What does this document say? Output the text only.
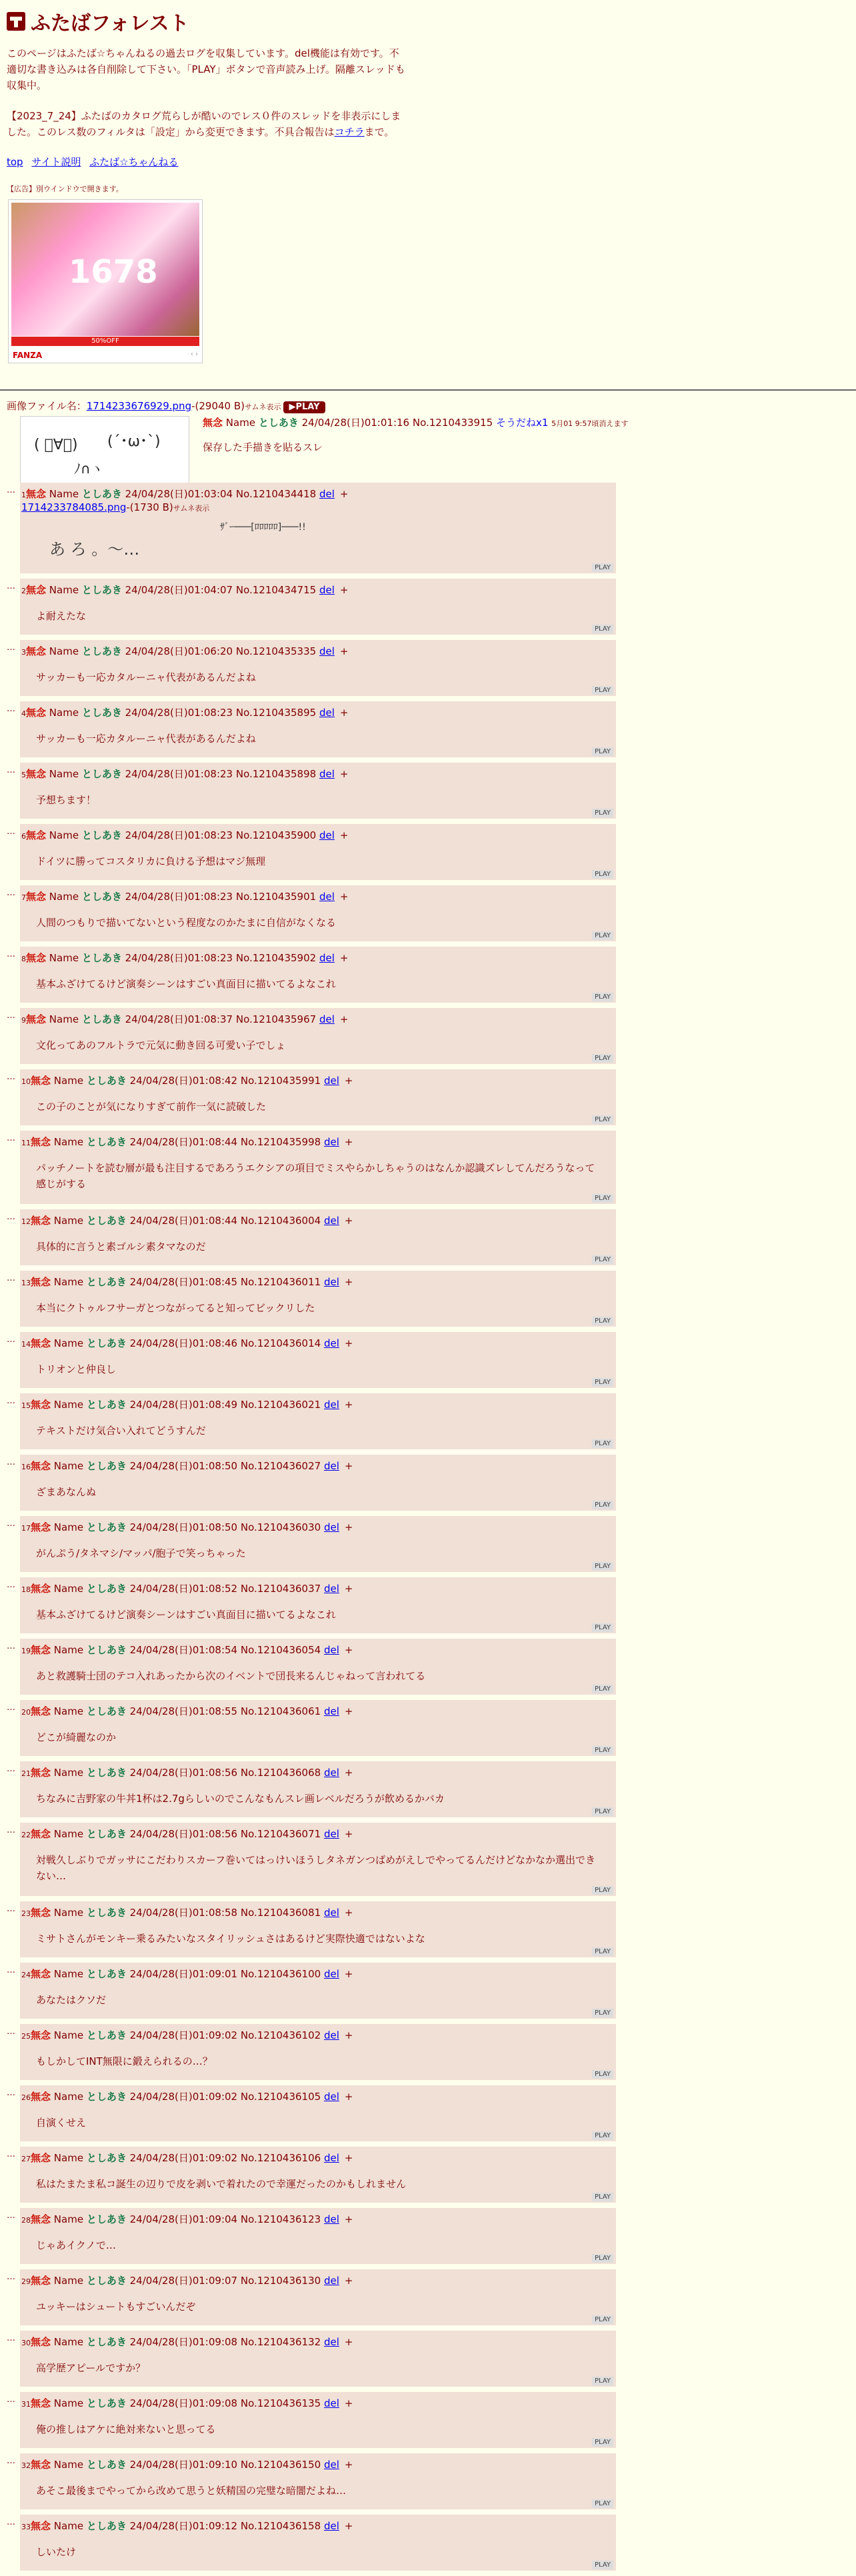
ふたばフォレスト

このページはふたば☆ちゃんねるの過去ログを収集しています。del機能は有効です。不適切な書き込みは各自削除して下さい。「PLAY」ボタンで音声読み上げ。隔離スレッドも収集中。

【2023_7_24】ふたばのカタログ荒らしが酷いのでレス０件のスレッドを非表示にしました。このレス数のフィルタは「設定」から変更できます。不具合報告はコチラまで。

top サイト説明 ふたば☆ちゃんねる
【広告】別ウインドウで開きます。
1678
50%OFF
FANZA	‹ ›
画像ファイル名：1714233676929.png-(29040 B)サムネ表示 ▶PLAY
( ﾟ∀ﾟ) (´･ω･`)
ﾉ∩ヽ
無念 Name としあき 24/04/28(日)01:01:16 No.1210433915 そうだねx1 5月01 9:57頃消えます
保存した手描きを貼るスレ
… 1無念 Name としあき 24/04/28(日)01:03:04 No.1210434418 del +
1714233784085.png-(1730 B)サムネ表示
あ ろ 。〜…
ｻﾞｰ───[ﾛﾛﾛﾛﾛ]───!!
PLAY
… 2無念 Name としあき 24/04/28(日)01:04:07 No.1210434715 del +
よ耐えたな
PLAY
… 3無念 Name としあき 24/04/28(日)01:06:20 No.1210435335 del +
サッカーも一応カタルーニャ代表があるんだよね
PLAY
… 4無念 Name としあき 24/04/28(日)01:08:23 No.1210435895 del +
サッカーも一応カタルーニャ代表があるんだよね
PLAY
… 5無念 Name としあき 24/04/28(日)01:08:23 No.1210435898 del +
予想ちます！
PLAY
… 6無念 Name としあき 24/04/28(日)01:08:23 No.1210435900 del +
ドイツに勝ってコスタリカに負ける予想はマジ無理
PLAY
… 7無念 Name としあき 24/04/28(日)01:08:23 No.1210435901 del +
人間のつもりで描いてないという程度なのかたまに自信がなくなる
PLAY
… 8無念 Name としあき 24/04/28(日)01:08:23 No.1210435902 del +
基本ふざけてるけど演奏シーンはすごい真面目に描いてるよなこれ
PLAY
… 9無念 Name としあき 24/04/28(日)01:08:37 No.1210435967 del +
文化ってあのフルトラで元気に動き回る可愛い子でしょ
PLAY
… 10無念 Name としあき 24/04/28(日)01:08:42 No.1210435991 del +
この子のことが気になりすぎて前作一気に読破した
PLAY
… 11無念 Name としあき 24/04/28(日)01:08:44 No.1210435998 del +
パッチノートを読む層が最も注目するであろうエクシアの項目でミスやらかしちゃうのはなんか認識ズレしてんだろうなって感じがする
PLAY
… 12無念 Name としあき 24/04/28(日)01:08:44 No.1210436004 del +
具体的に言うと素ゴルシ素タマなのだ
PLAY
… 13無念 Name としあき 24/04/28(日)01:08:45 No.1210436011 del +
本当にクトゥルフサーガとつながってると知ってビックリした
PLAY
… 14無念 Name としあき 24/04/28(日)01:08:46 No.1210436014 del +
トリオンと仲良し
PLAY
… 15無念 Name としあき 24/04/28(日)01:08:49 No.1210436021 del +
テキストだけ気合い入れてどうすんだ
PLAY
… 16無念 Name としあき 24/04/28(日)01:08:50 No.1210436027 del +
ざまあなんぬ
PLAY
… 17無念 Name としあき 24/04/28(日)01:08:50 No.1210436030 del +
がんぷう/タネマシ/マッパ/胞子で笑っちゃった
PLAY
… 18無念 Name としあき 24/04/28(日)01:08:52 No.1210436037 del +
基本ふざけてるけど演奏シーンはすごい真面目に描いてるよなこれ
PLAY
… 19無念 Name としあき 24/04/28(日)01:08:54 No.1210436054 del +
あと救護騎士団のテコ入れあったから次のイベントで団長来るんじゃねって言われてる
PLAY
… 20無念 Name としあき 24/04/28(日)01:08:55 No.1210436061 del +
どこが綺麗なのか
PLAY
… 21無念 Name としあき 24/04/28(日)01:08:56 No.1210436068 del +
ちなみに吉野家の牛丼1杯は2.7gらしいのでこんなもんスレ画レベルだろうが飲めるかバカ
PLAY
… 22無念 Name としあき 24/04/28(日)01:08:56 No.1210436071 del +
対戦久しぶりでガッサにこだわりスカーフ巻いてはっけいほうしタネガンつばめがえしでやってるんだけどなかなか選出できない…
PLAY
… 23無念 Name としあき 24/04/28(日)01:08:58 No.1210436081 del +
ミサトさんがモンキー乗るみたいなスタイリッシュさはあるけど実際快適ではないよな
PLAY
… 24無念 Name としあき 24/04/28(日)01:09:01 No.1210436100 del +
あなたはクソだ
PLAY
… 25無念 Name としあき 24/04/28(日)01:09:02 No.1210436102 del +
もしかしてINT無限に鍛えられるの…？
PLAY
… 26無念 Name としあき 24/04/28(日)01:09:02 No.1210436105 del +
自演くせえ
PLAY
… 27無念 Name としあき 24/04/28(日)01:09:02 No.1210436106 del +
私はたまたま私コ誕生の辺りで皮を剥いで着れたので幸運だったのかもしれません
PLAY
… 28無念 Name としあき 24/04/28(日)01:09:04 No.1210436123 del +
じゃあイクノで…
PLAY
… 29無念 Name としあき 24/04/28(日)01:09:07 No.1210436130 del +
ユッキーはシュートもすごいんだぞ
PLAY
… 30無念 Name としあき 24/04/28(日)01:09:08 No.1210436132 del +
高学歴アピールですか？
PLAY
… 31無念 Name としあき 24/04/28(日)01:09:08 No.1210436135 del +
俺の推しはアケに絶対来ないと思ってる
PLAY
… 32無念 Name としあき 24/04/28(日)01:09:10 No.1210436150 del +
あそこ最後までやってから改めて思うと妖精国の完璧な暗闇だよね…
PLAY
… 33無念 Name としあき 24/04/28(日)01:09:12 No.1210436158 del +
しいたけ
PLAY
